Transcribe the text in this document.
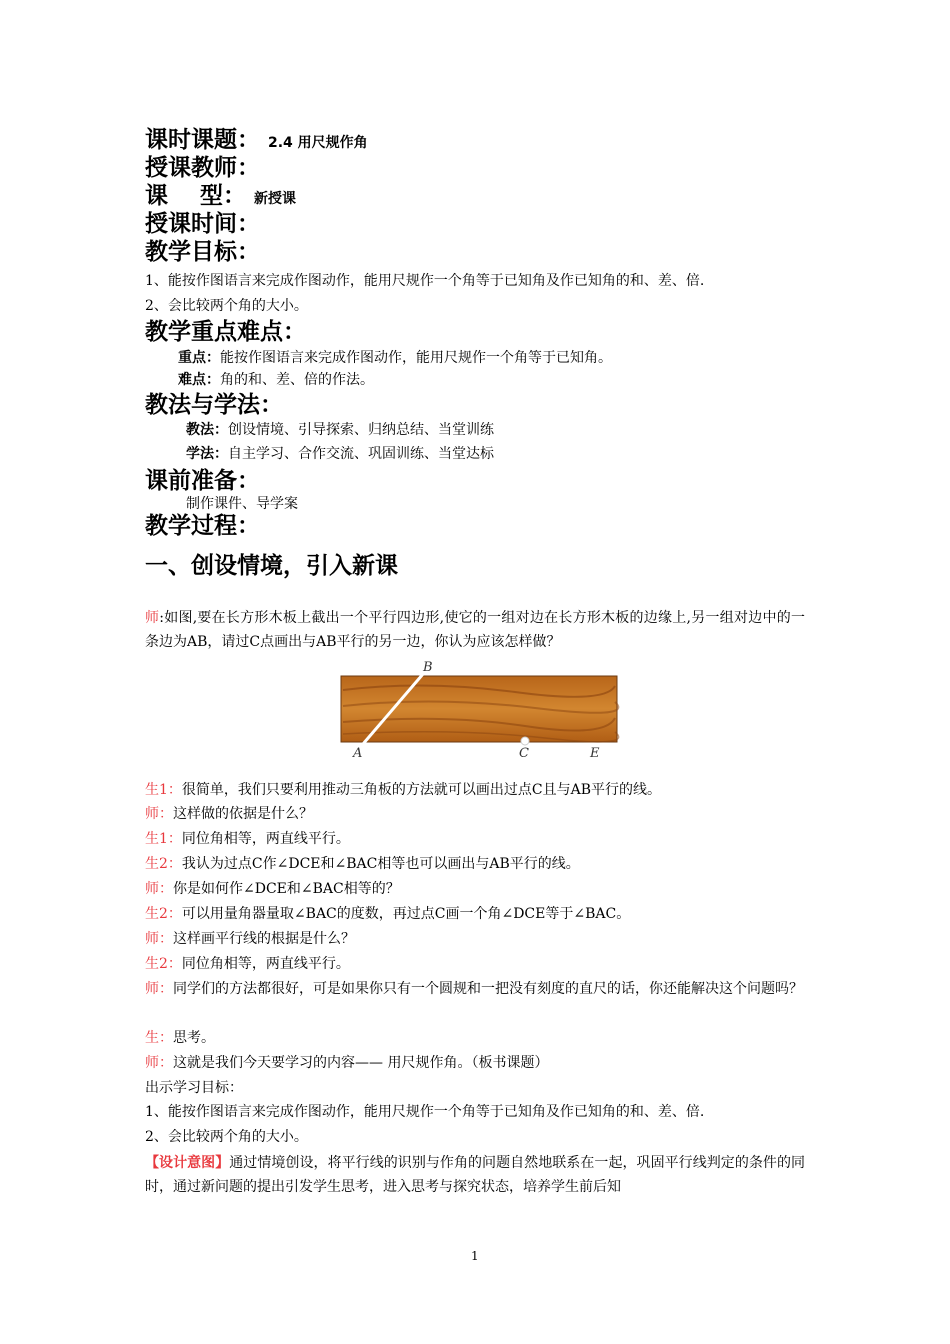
课时课题： 2.4 用尺规作角
授课教师：
课    型： 新授课
授课时间：
教学目标：
1、能按作图语言来完成作图动作，能用尺规作一个角等于已知角及作已知角的和、差、倍.
2、会比较两个角的大小。
教学重点难点：
重点：能按作图语言来完成作图动作，能用尺规作一个角等于已知角。
难点：角的和、差、倍的作法。
教法与学法：
教法：创设情境、引导探索、归纳总结、当堂训练
学法：自主学习、合作交流、巩固训练、当堂达标
课前准备：
制作课件、导学案
教学过程：
一、创设情境，引入新课
师:如图,要在长方形木板上截出一个平行四边形,使它的一组对边在长方形木板的边缘上,另一组对边中的一条边为AB，请过C点画出与AB平行的另一边，你认为应该怎样做？
B
A	C	E
生1：很简单，我们只要利用推动三角板的方法就可以画出过点C且与AB平行的线。
师：这样做的依据是什么？
生1：同位角相等，两直线平行。
生2：我认为过点C作∠DCE和∠BAC相等也可以画出与AB平行的线。
师：你是如何作∠DCE和∠BAC相等的？
生2：可以用量角器量取∠BAC的度数，再过点C画一个角∠DCE等于∠BAC。
师：这样画平行线的根据是什么？
生2：同位角相等，两直线平行。
师：同学们的方法都很好，可是如果你只有一个圆规和一把没有刻度的直尺的话，你还能解决这个问题吗？
生：思考。
师：这就是我们今天要学习的内容—— 用尺规作角。（板书课题）
出示学习目标：
1、能按作图语言来完成作图动作，能用尺规作一个角等于已知角及作已知角的和、差、倍.
2、会比较两个角的大小。
【设计意图】通过情境创设，将平行线的识别与作角的问题自然地联系在一起，巩固平行线判定的条件的同时，通过新问题的提出引发学生思考，进入思考与探究状态，培养学生前后知
1
